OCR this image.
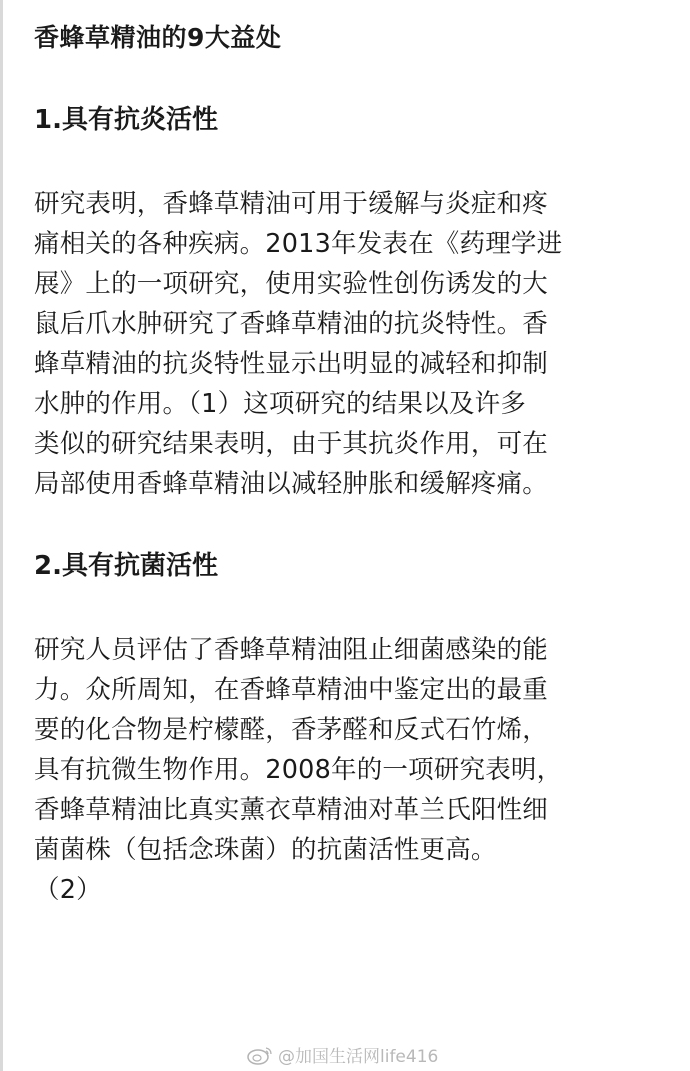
香蜂草精油的9大益处
1.具有抗炎活性
研究表明，香蜂草精油可用于缓解与炎症和疼
痛相关的各种疾病。2013年发表在《药理学进
展》上的一项研究，使用实验性创伤诱发的大
鼠后爪水肿研究了香蜂草精油的抗炎特性。香
蜂草精油的抗炎特性显示出明显的减轻和抑制
水肿的作用。（1）这项研究的结果以及许多
类似的研究结果表明，由于其抗炎作用，可在
局部使用香蜂草精油以减轻肿胀和缓解疼痛。
2.具有抗菌活性
研究人员评估了香蜂草精油阻止细菌感染的能
力。众所周知，在香蜂草精油中鉴定出的最重
要的化合物是柠檬醛，香茅醛和反式石竹烯，
具有抗微生物作用。2008年的一项研究表明，
香蜂草精油比真实薰衣草精油对革兰氏阳性细
菌菌株（包括念珠菌）的抗菌活性更高。
（2）
@加国生活网life416
